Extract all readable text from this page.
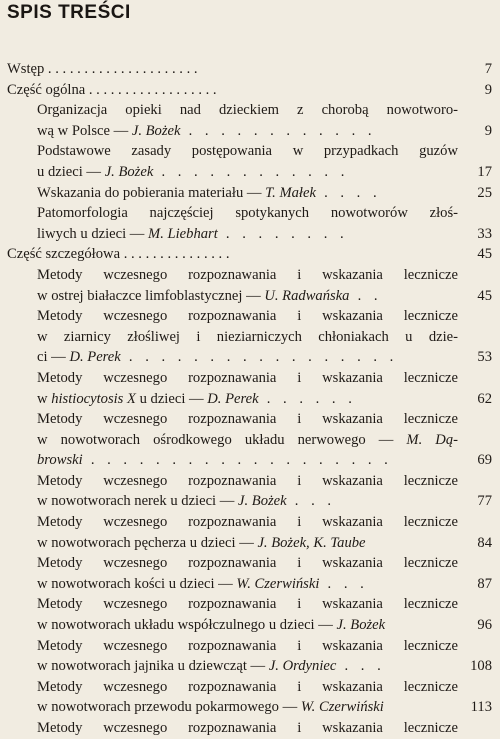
SPIS TREŚCI
Wstęp . . . . . . . . . . . . . . . . . . . . .	7
Część ogólna . . . . . . . . . . . . . . . . . .	9
Organizacja opieki nad dzieckiem z chorobą nowotworo-
wą w Polsce — J. Bożek . . . . . . . . . . . .	9
Podstawowe zasady postępowania w przypadkach guzów
u dzieci — J. Bożek . . . . . . . . . . . .	17
Wskazania do pobierania materiału — T. Małek . . . .	25
Patomorfologia najczęściej spotykanych nowotworów złoś-
liwych u dzieci — M. Liebhart . . . . . . . .	33
Część szczegółowa . . . . . . . . . . . . . . .	45
Metody wczesnego rozpoznawania i wskazania lecznicze
w ostrej białaczce limfoblastycznej — U. Radwańska . .	45
Metody wczesnego rozpoznawania i wskazania lecznicze
w ziarnicy złośliwej i nieziarniczych chłoniakach u dzie-
ci — D. Perek . . . . . . . . . . . . . . . . .	53
Metody wczesnego rozpoznawania i wskazania lecznicze
w histiocytosis X u dzieci — D. Perek . . . . . .	62
Metody wczesnego rozpoznawania i wskazania lecznicze
w nowotworach ośrodkowego układu nerwowego — M. Dą-
browski . . . . . . . . . . . . . . . . . . .	69
Metody wczesnego rozpoznawania i wskazania lecznicze
w nowotworach nerek u dzieci — J. Bożek . . .	77
Metody wczesnego rozpoznawania i wskazania lecznicze
w nowotworach pęcherza u dzieci — J. Bożek, K. Taube	84
Metody wczesnego rozpoznawania i wskazania lecznicze
w nowotworach kości u dzieci — W. Czerwiński . . .	87
Metody wczesnego rozpoznawania i wskazania lecznicze
w nowotworach układu współczulnego u dzieci — J. Bożek	96
Metody wczesnego rozpoznawania i wskazania lecznicze
w nowotworach jajnika u dziewcząt — J. Ordyniec . . .	108
Metody wczesnego rozpoznawania i wskazania lecznicze
w nowotworach przewodu pokarmowego — W. Czerwiński	113
Metody wczesnego rozpoznawania i wskazania lecznicze
